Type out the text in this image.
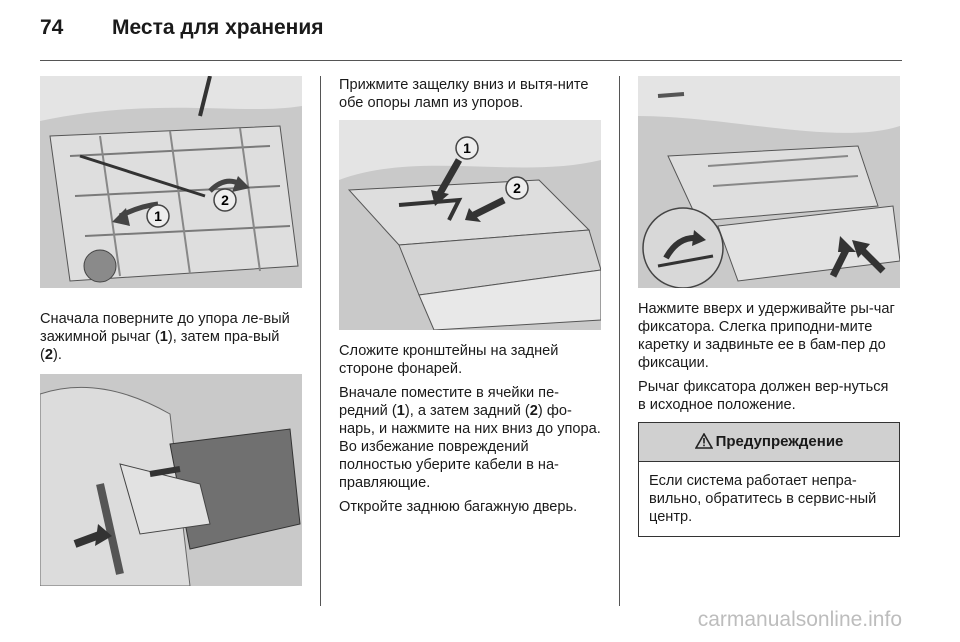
74 Места для хранения
1
2

Сначала поверните до упора ле-вый зажимной рычаг (1), затем пра-вый (2).

Прижмите защелку вниз и вытя-ните обе опоры ламп из упоров.

1
2

Сложите кронштейны на задней стороне фонарей.

Вначале поместите в ячейки пе-редний (1), а затем задний (2) фо-нарь, и нажмите на них вниз до упора. Во избежание повреждений полностью уберите кабели в на-правляющие.

Откройте заднюю багажную дверь.

Нажмите вверх и удерживайте ры-чаг фиксатора. Слегка приподни-мите каретку и задвиньте ее в бам-пер до фиксации.

Рычаг фиксатора должен вер-нуться в исходное положение.

Предупреждение
Если система работает непра-вильно, обратитесь в сервис-ный центр.
carmanualsonline.info
